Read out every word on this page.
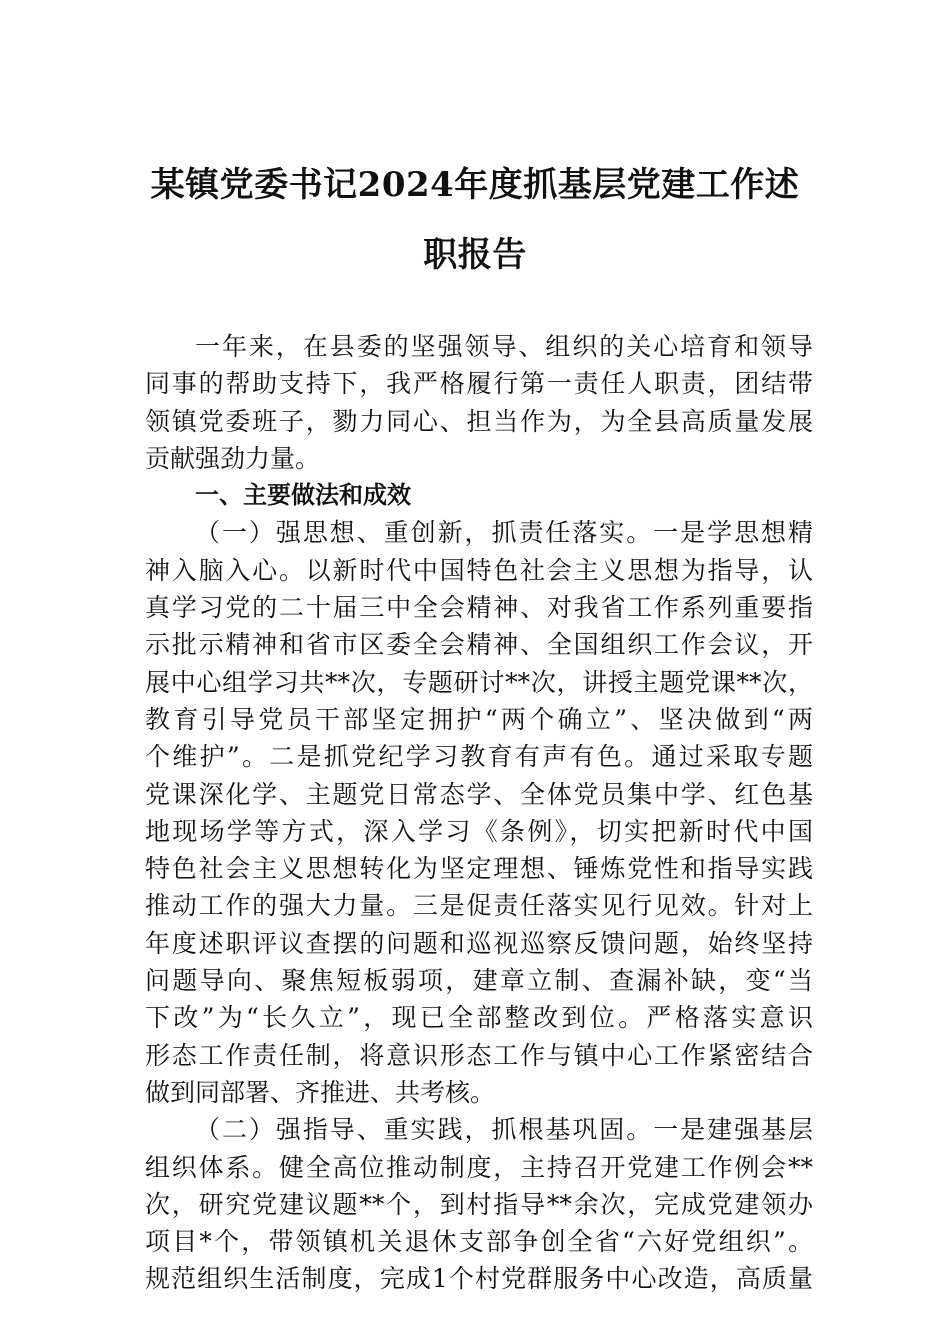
某镇党委书记2024年度抓基层党建工作述
职报告
一年来，在县委的坚强领导、组织的关心培育和领导
同事的帮助支持下，我严格履行第一责任人职责，团结带
领镇党委班子，勠力同心、担当作为，为全县高质量发展
贡献强劲力量。
一、主要做法和成效
（一）强思想、重创新，抓责任落实。一是学思想精
神入脑入心。以新时代中国特色社会主义思想为指导，认
真学习党的二十届三中全会精神、对我省工作系列重要指
示批示精神和省市区委全会精神、全国组织工作会议，开
展中心组学习共**次，专题研讨**次，讲授主题党课**次，
教育引导党员干部坚定拥护“两个确立”、坚决做到“两
个维护”。二是抓党纪学习教育有声有色。通过采取专题
党课深化学、主题党日常态学、全体党员集中学、红色基
地现场学等方式，深入学习《条例》，切实把新时代中国
特色社会主义思想转化为坚定理想、锤炼党性和指导实践
推动工作的强大力量。三是促责任落实见行见效。针对上
年度述职评议查摆的问题和巡视巡察反馈问题，始终坚持
问题导向、聚焦短板弱项，建章立制、查漏补缺，变“当
下改”为“长久立”，现已全部整改到位。严格落实意识
形态工作责任制，将意识形态工作与镇中心工作紧密结合
做到同部署、齐推进、共考核。
（二）强指导、重实践，抓根基巩固。一是建强基层
组织体系。健全高位推动制度，主持召开党建工作例会**
次，研究党建议题**个，到村指导**余次，完成党建领办
项目*个，带领镇机关退休支部争创全省“六好党组织”。
规范组织生活制度，完成1个村党群服务中心改造，高质量
